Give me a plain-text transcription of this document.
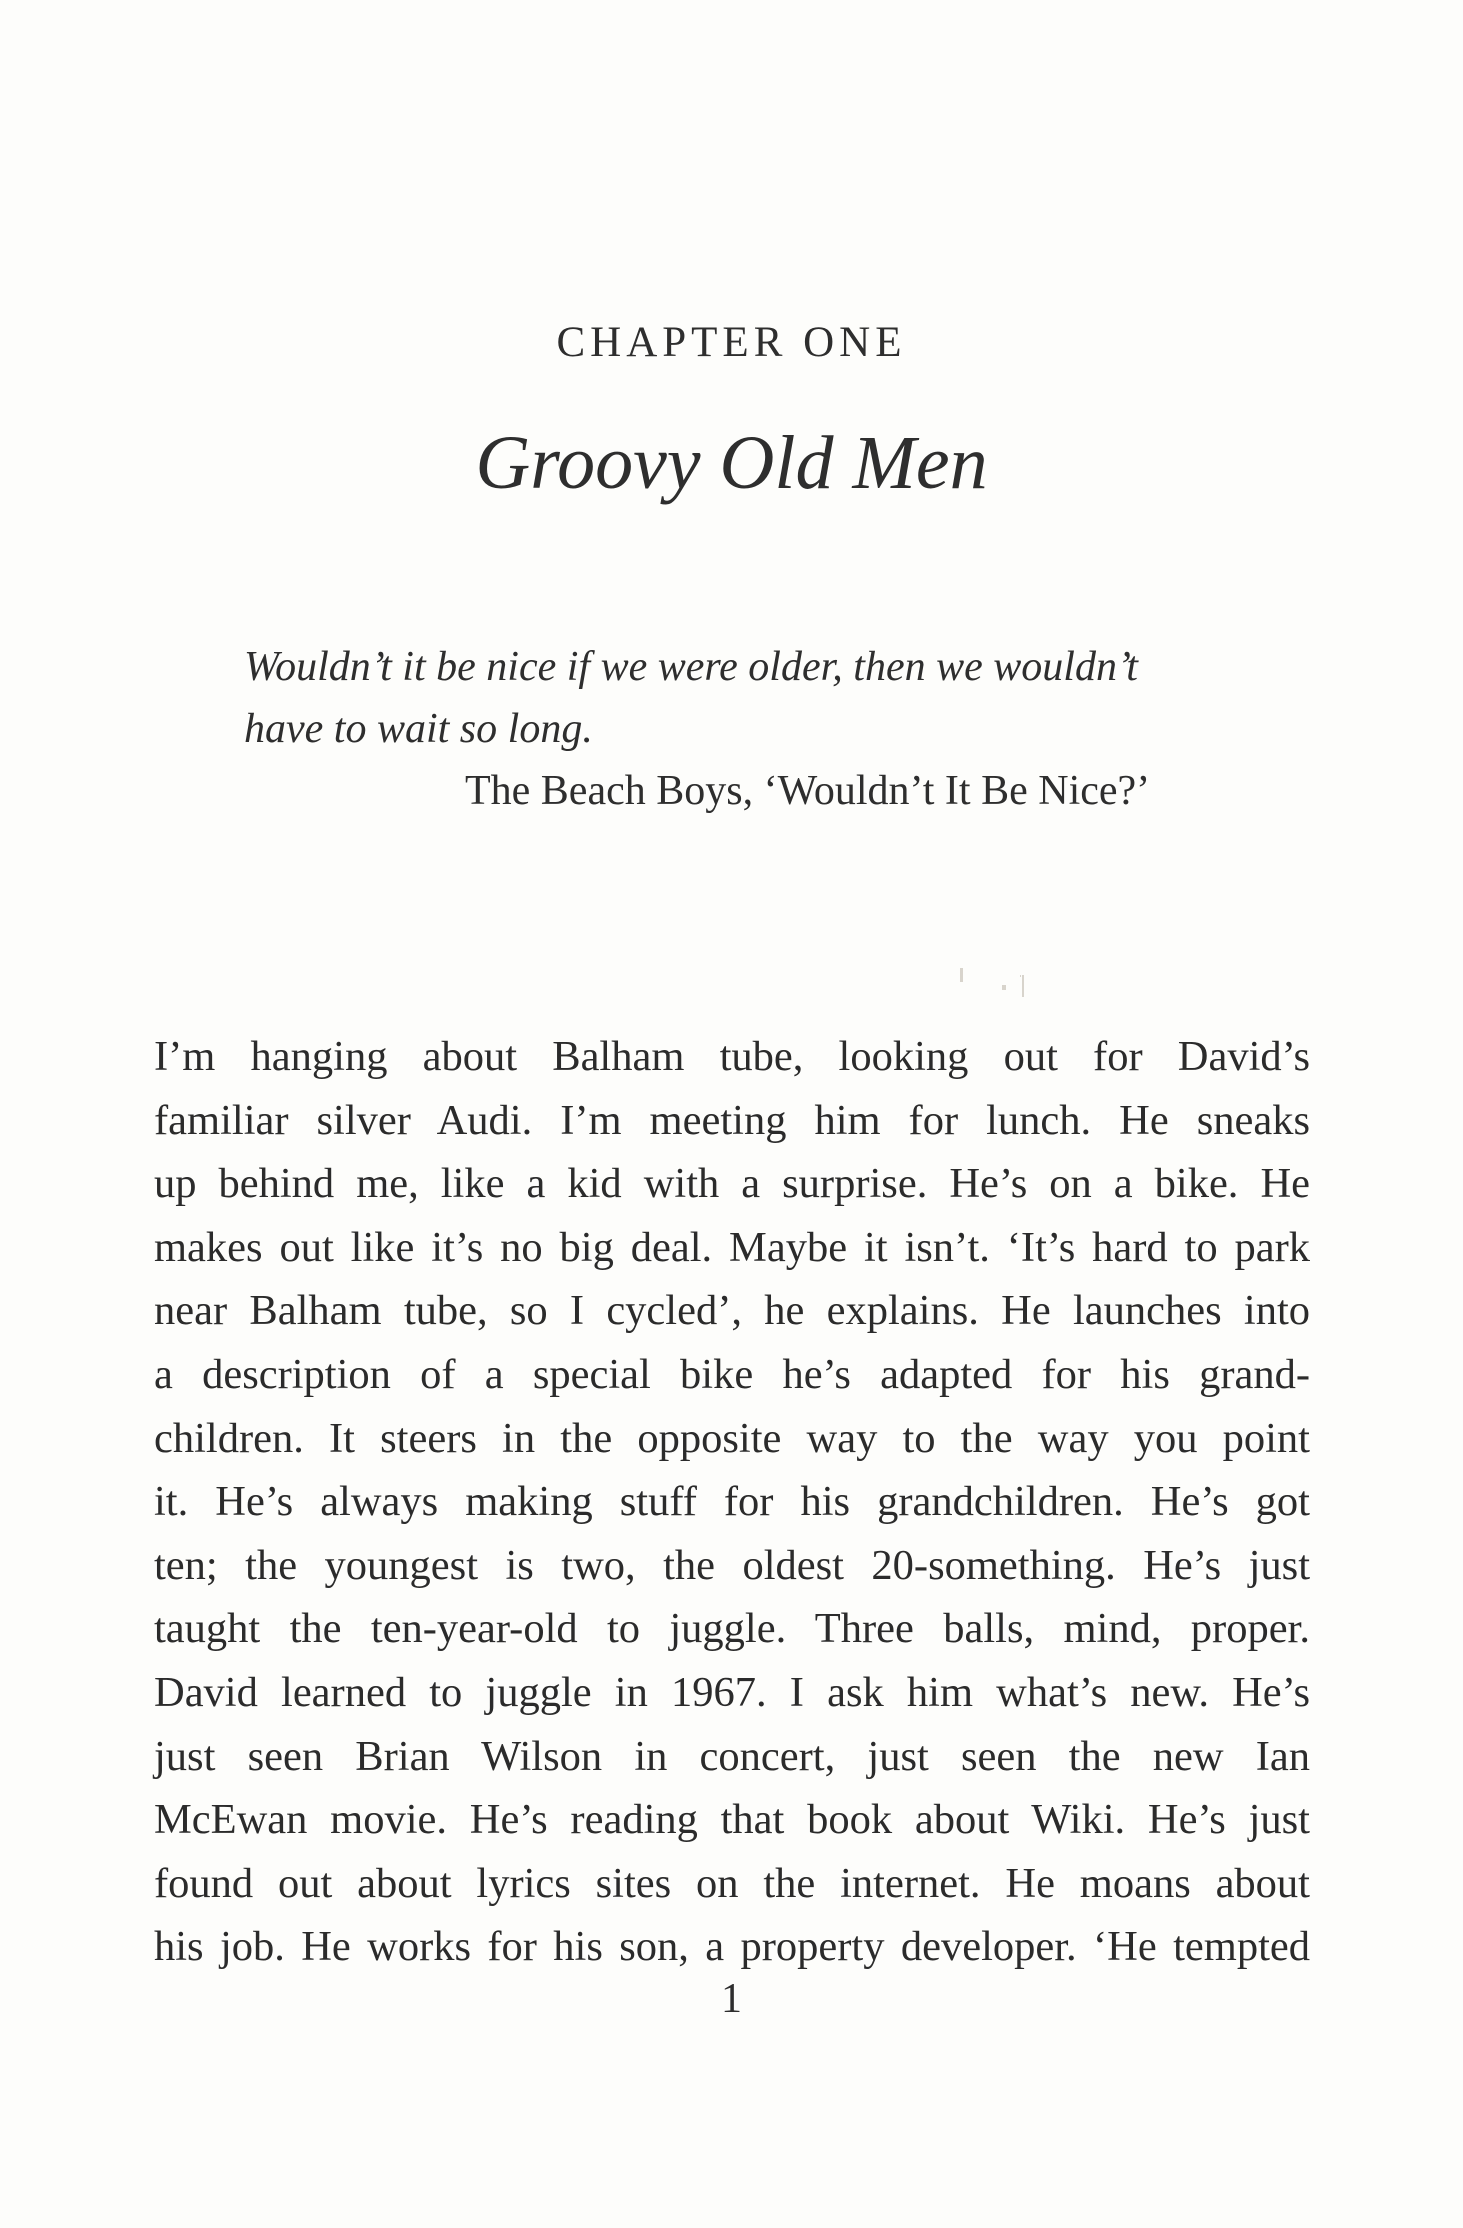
CHAPTER ONE
Groovy Old Men
Wouldn’t it be nice if we were older, then we wouldn’t
have to wait so long.
The Beach Boys, ‘Wouldn’t It Be Nice?’
I’m hanging about Balham tube, looking out for David’s
familiar silver Audi. I’m meeting him for lunch. He sneaks
up behind me, like a kid with a surprise. He’s on a bike. He
makes out like it’s no big deal. Maybe it isn’t. ‘It’s hard to park
near Balham tube, so I cycled’, he explains. He launches into
a description of a special bike he’s adapted for his grand-
children. It steers in the opposite way to the way you point
it. He’s always making stuff for his grandchildren. He’s got
ten; the youngest is two, the oldest 20-something. He’s just
taught the ten-year-old to juggle. Three balls, mind, proper.
David learned to juggle in 1967. I ask him what’s new. He’s
just seen Brian Wilson in concert, just seen the new Ian
McEwan movie. He’s reading that book about Wiki. He’s just
found out about lyrics sites on the internet. He moans about
his job. He works for his son, a property developer. ‘He tempted
1
